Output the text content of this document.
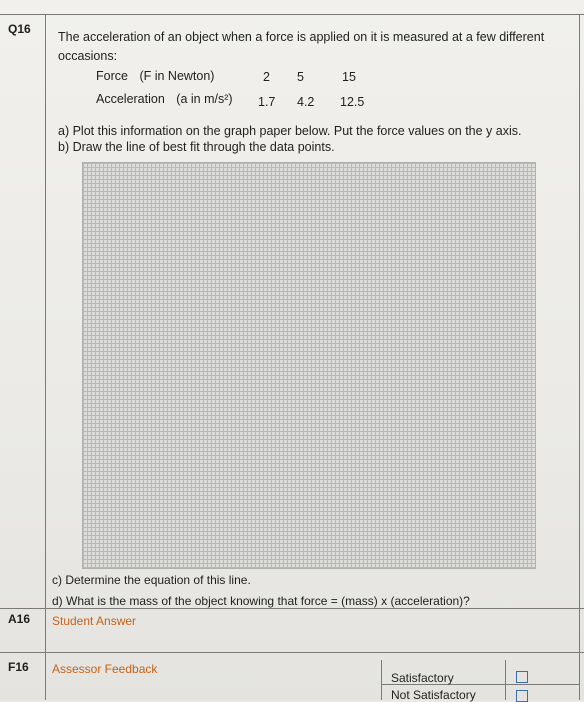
Q16
The acceleration of an object when a force is applied on it is measured at a few different occasions:
Force (F in Newton)	2 5	15
Acceleration (a in m/s²) 1.7 4.2 12.5
a) Plot this information on the graph paper below. Put the force values on the y axis.
b) Draw the line of best fit through the data points.
c) Determine the equation of this line.
d) What is the mass of the object knowing that force = (mass) x (acceleration)?
A16 Student Answer
F16 Assessor Feedback
Satisfactory
Not Satisfactory
